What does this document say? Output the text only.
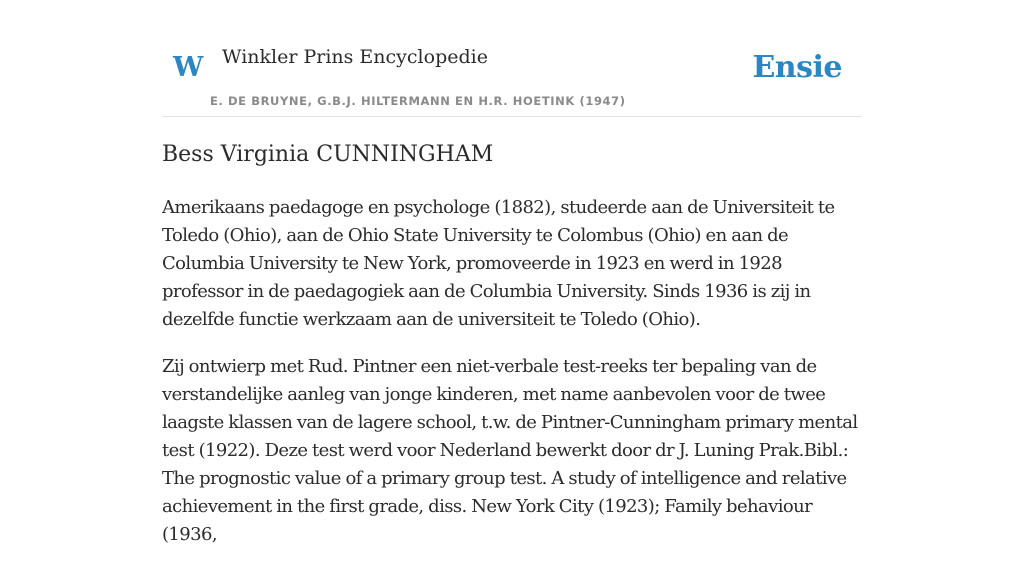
W Winkler Prins Encyclopedie
E. DE BRUYNE, G.B.J. HILTERMANN EN H.R. HOETINK (1947)
Ensie
Bess Virginia CUNNINGHAM

Amerikaans paedagoge en psychologe (1882), studeerde aan de Universiteit te Toledo (Ohio), aan de Ohio State University te Colombus (Ohio) en aan de Columbia University te New York, promoveerde in 1923 en werd in 1928 professor in de paedagogiek aan de Columbia University. Sinds 1936 is zij in dezelfde functie werkzaam aan de universiteit te Toledo (Ohio).

Zij ontwierp met Rud. Pintner een niet-verbale test-reeks ter bepaling van de verstandelijke aanleg van jonge kinderen, met name aanbevolen voor de twee laagste klassen van de lagere school, t.w. de Pintner-Cunningham primary mental test (1922). Deze test werd voor Nederland bewerkt door dr J. Luning Prak.Bibl.: The prognostic value of a primary group test. A study of intelligence and relative achievement in the first grade, diss. New York City (1923); Family behaviour (1936,
